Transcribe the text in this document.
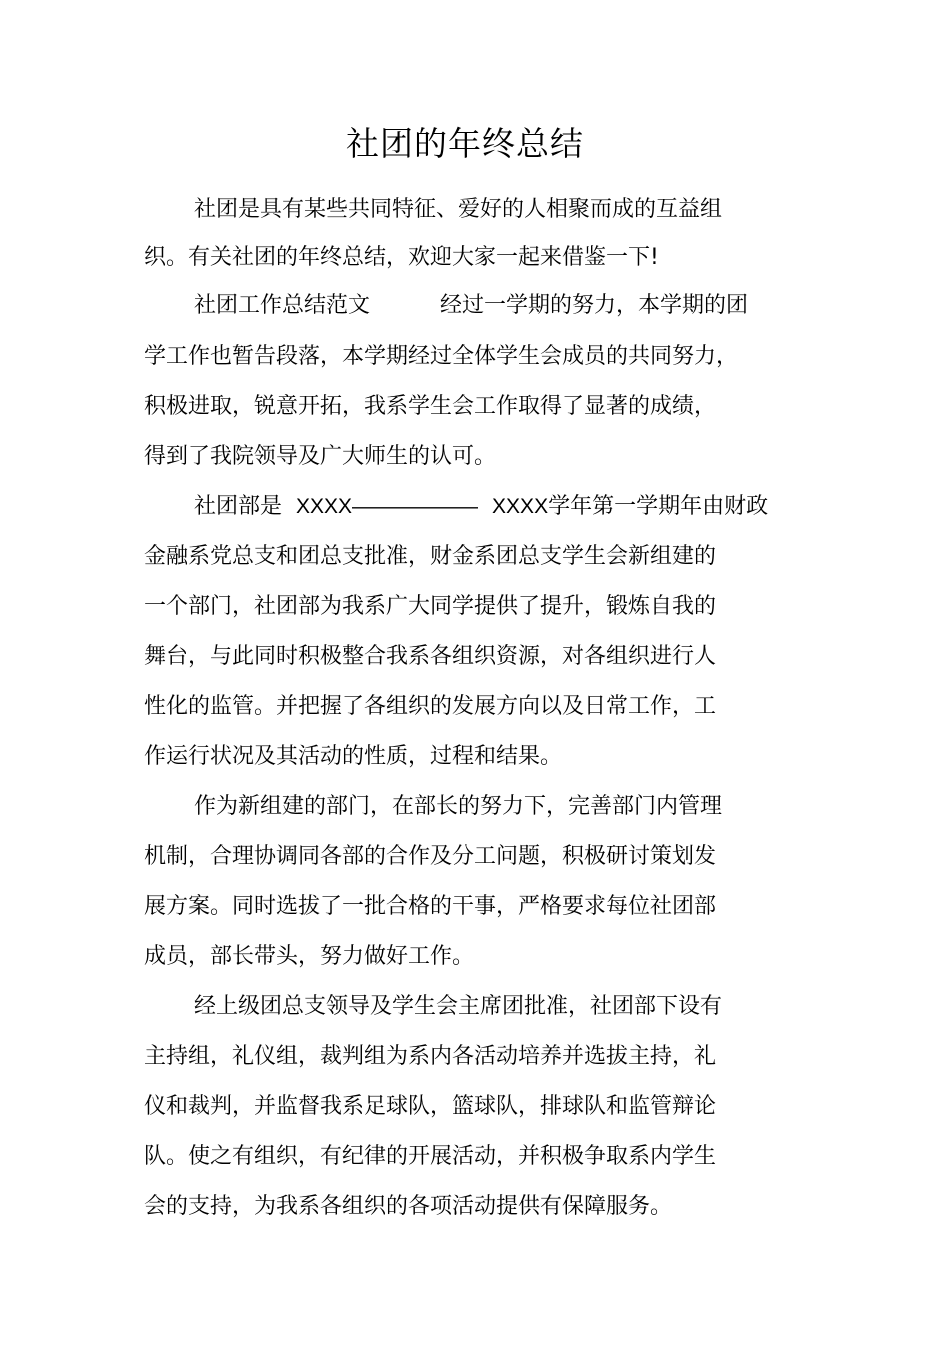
社团的年终总结

社团是具有某些共同特征、爱好的人相聚而成的互益组

织。有关社团的年终总结，欢迎大家一起来借鉴一下!

社团工作总结范文	经过一学期的努力，本学期的团

学工作也暂告段落，本学期经过全体学生会成员的共同努力，

积极进取，锐意开拓，我系学生会工作取得了显著的成绩，

得到了我院领导及广大师生的认可。

社团部是 XXXX—————— XXXX学年第一学期年由财政

金融系党总支和团总支批准，财金系团总支学生会新组建的

一个部门，社团部为我系广大同学提供了提升，锻炼自我的

舞台，与此同时积极整合我系各组织资源，对各组织进行人

性化的监管。并把握了各组织的发展方向以及日常工作，工

作运行状况及其活动的性质，过程和结果。

作为新组建的部门，在部长的努力下，完善部门内管理

机制，合理协调同各部的合作及分工问题，积极研讨策划发

展方案。同时选拔了一批合格的干事，严格要求每位社团部

成员，部长带头，努力做好工作。

经上级团总支领导及学生会主席团批准，社团部下设有

主持组，礼仪组，裁判组为系内各活动培养并选拔主持，礼

仪和裁判，并监督我系足球队，篮球队，排球队和监管辩论

队。使之有组织，有纪律的开展活动，并积极争取系内学生

会的支持，为我系各组织的各项活动提供有保障服务。
